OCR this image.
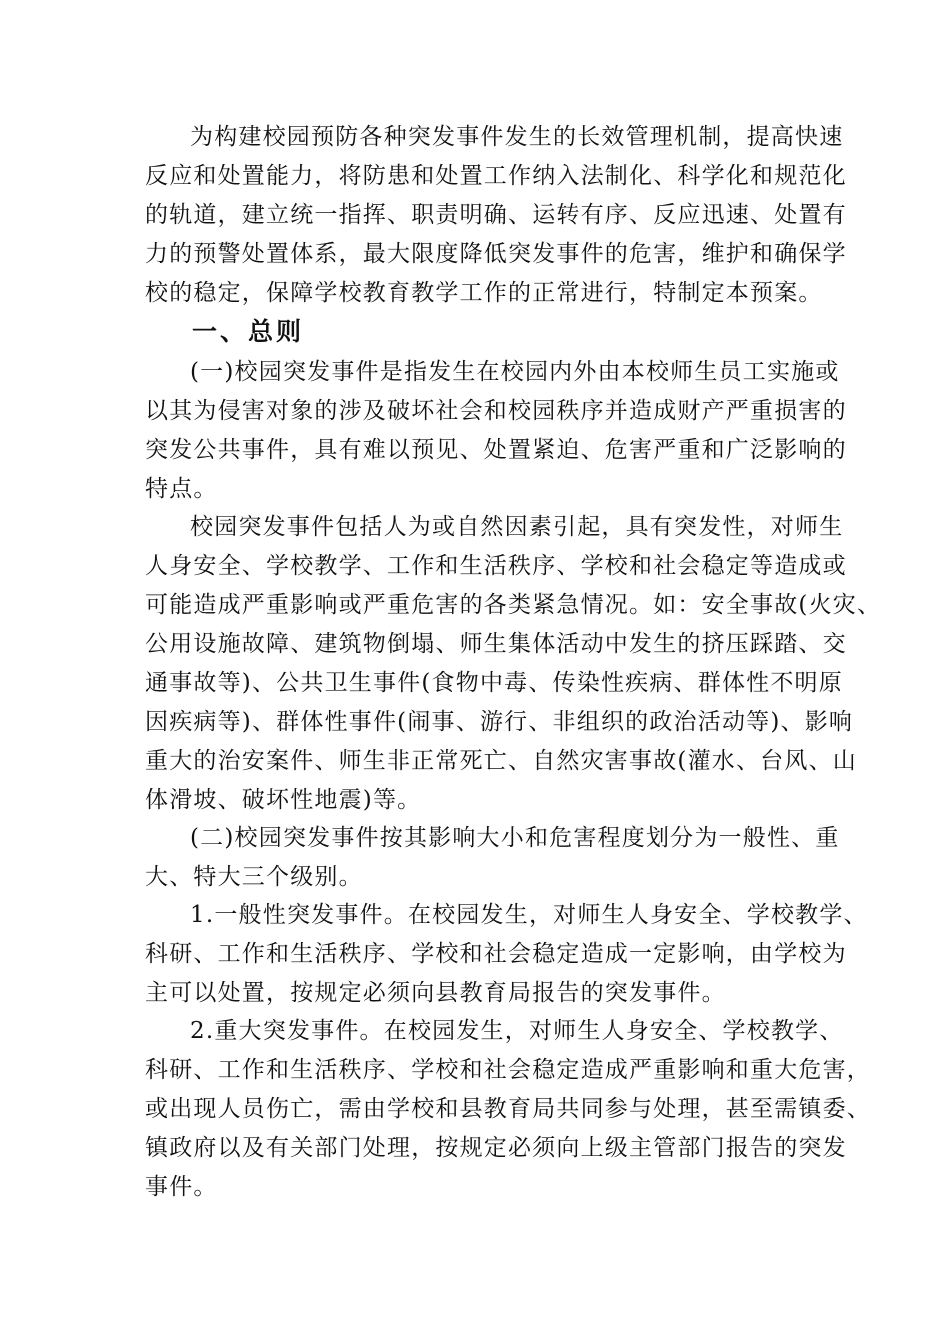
为构建校园预防各种突发事件发生的长效管理机制，提高快速
反应和处置能力，将防患和处置工作纳入法制化、科学化和规范化
的轨道，建立统一指挥、职责明确、运转有序、反应迅速、处置有
力的预警处置体系，最大限度降低突发事件的危害，维护和确保学
校的稳定，保障学校教育教学工作的正常进行，特制定本预案。
一、总则
(一)校园突发事件是指发生在校园内外由本校师生员工实施或
以其为侵害对象的涉及破坏社会和校园秩序并造成财产严重损害的
突发公共事件，具有难以预见、处置紧迫、危害严重和广泛影响的
特点。
校园突发事件包括人为或自然因素引起，具有突发性，对师生
人身安全、学校教学、工作和生活秩序、学校和社会稳定等造成或
可能造成严重影响或严重危害的各类紧急情况。如：安全事故(火灾、
公用设施故障、建筑物倒塌、师生集体活动中发生的挤压踩踏、交
通事故等)、公共卫生事件(食物中毒、传染性疾病、群体性不明原
因疾病等)、群体性事件(闹事、游行、非组织的政治活动等)、影响
重大的治安案件、师生非正常死亡、自然灾害事故(灌水、台风、山
体滑坡、破坏性地震)等。
(二)校园突发事件按其影响大小和危害程度划分为一般性、重
大、特大三个级别。
1.一般性突发事件。在校园发生，对师生人身安全、学校教学、
科研、工作和生活秩序、学校和社会稳定造成一定影响，由学校为
主可以处置，按规定必须向县教育局报告的突发事件。
2.重大突发事件。在校园发生，对师生人身安全、学校教学、
科研、工作和生活秩序、学校和社会稳定造成严重影响和重大危害，
或出现人员伤亡，需由学校和县教育局共同参与处理，甚至需镇委、
镇政府以及有关部门处理，按规定必须向上级主管部门报告的突发
事件。
